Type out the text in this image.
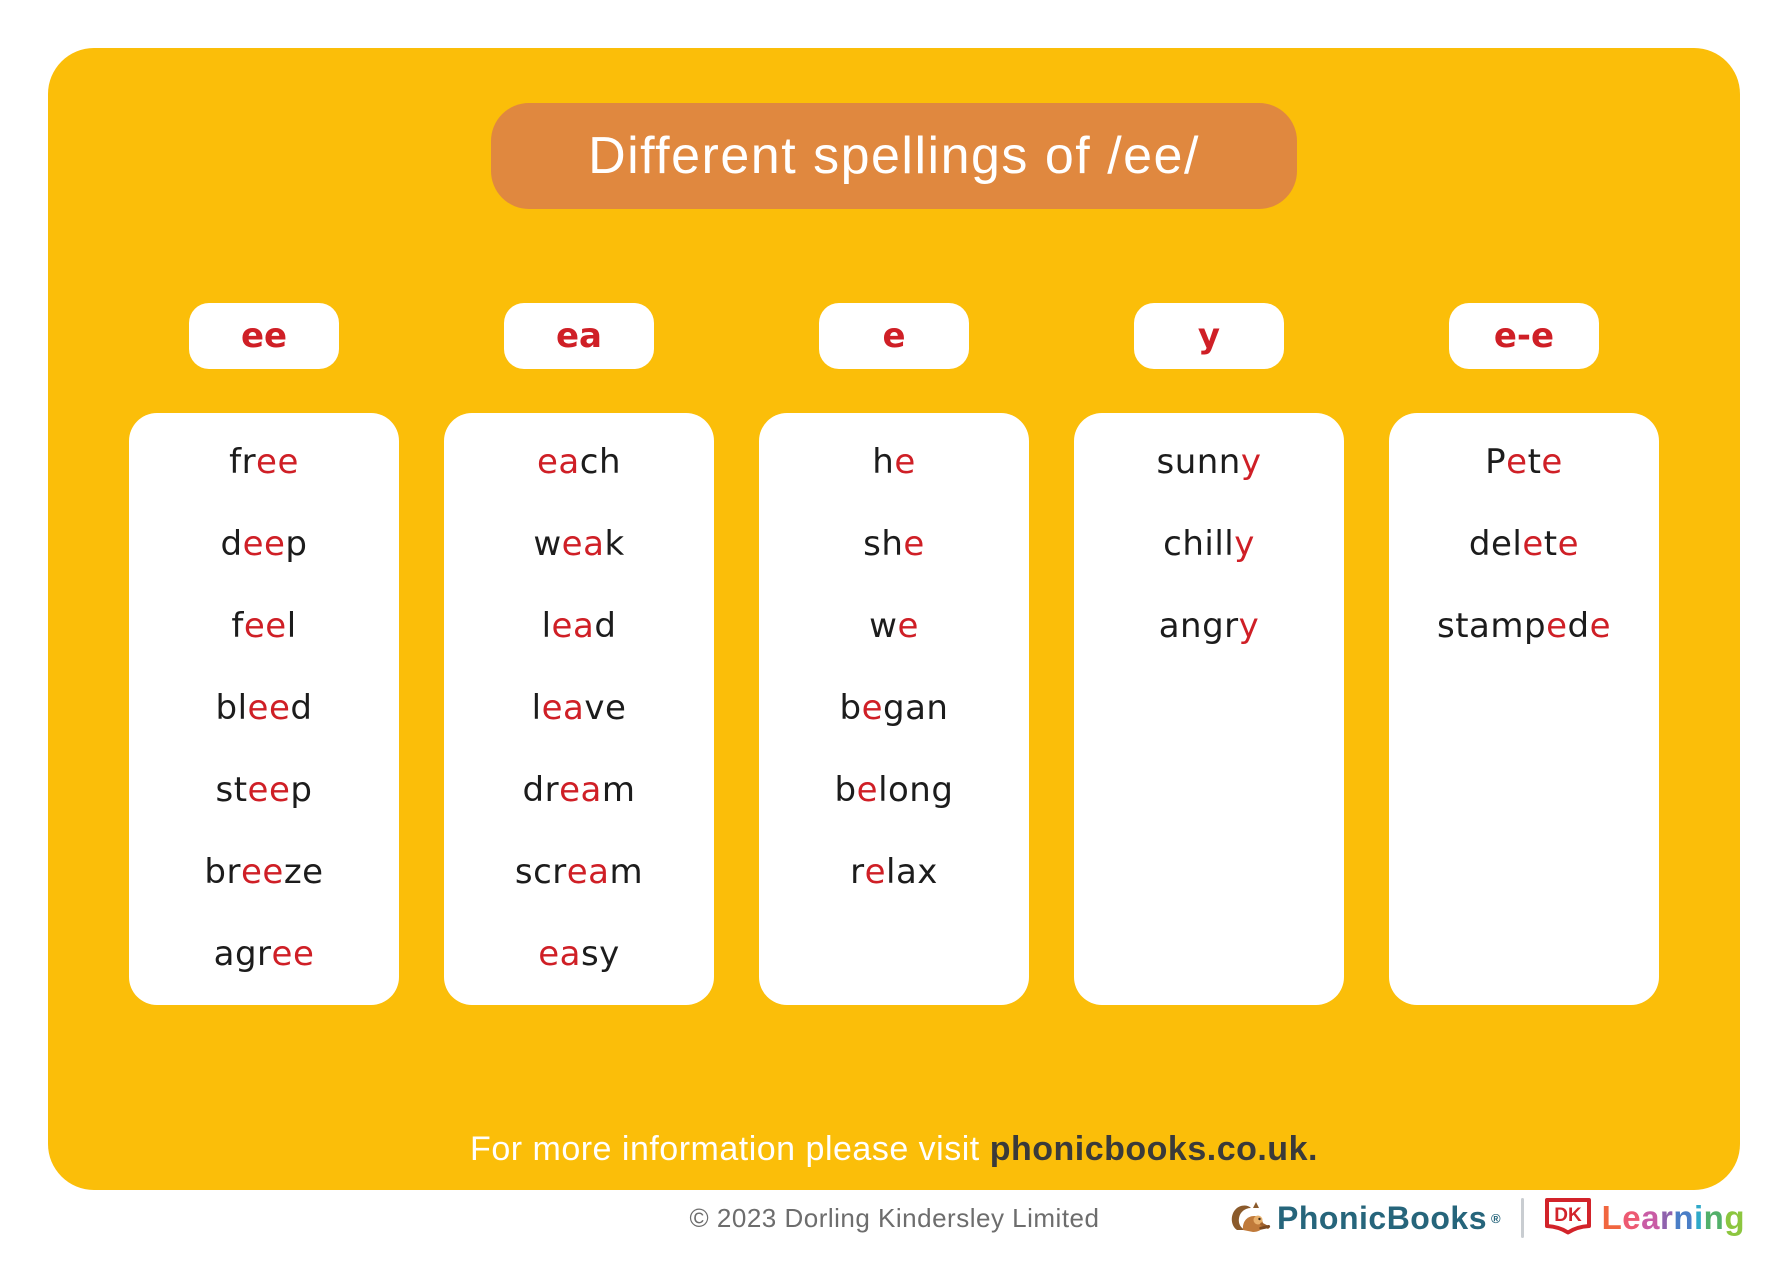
Different spellings of /ee/
ee
fr ee
d ee p
f ee l
bl ee d
st ee p
br ee ze
agr ee
ea
ea ch
w ea k
l ea d
l ea ve
dr ea m
scr ea m
ea sy
e
h e
sh e
w e
b e gan
b e long
r e lax
y
sunn y
chill y
angr y
e-e
P e t e
del e t e
stamp e d e
For more information please visit phonicbooks.co.uk.
© 2023 Dorling Kindersley Limited	PhonicBooks ®	DK Learning
